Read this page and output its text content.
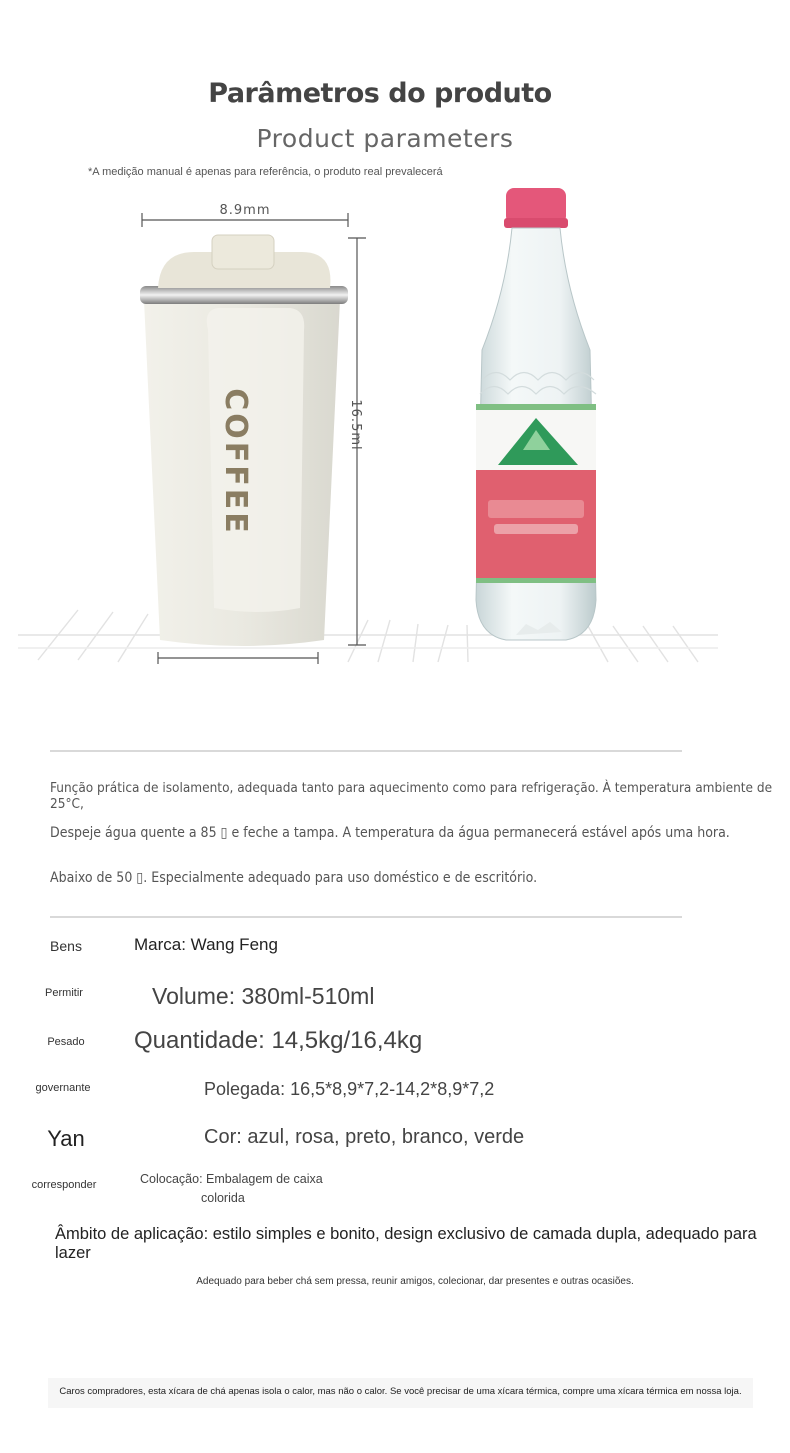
Parâmetros do produto
Product parameters
*A medição manual é apenas para referência, o produto real prevalecerá
8.9mm
16.5ml
COFFEE
Função prática de isolamento, adequada tanto para aquecimento como para refrigeração. À temperatura ambiente de 25°C,
Despeje água quente a 85 ▯ e feche a tampa. A temperatura da água permanecerá estável após uma hora.
Abaixo de 50 ▯. Especialmente adequado para uso doméstico e de escritório.
Bens	Marca: Wang Feng
Permitir	Volume: 380ml-510ml
Pesado	Quantidade: 14,5kg/16,4kg
governante	Polegada: 16,5*8,9*7,2-14,2*8,9*7,2
Yan	Cor: azul, rosa, preto, branco, verde
corresponder	Colocação: Embalagem de caixa
colorida
Âmbito de aplicação: estilo simples e bonito, design exclusivo de camada dupla, adequado para lazer
Adequado para beber chá sem pressa, reunir amigos, colecionar, dar presentes e outras ocasiões.
Caros compradores, esta xícara de chá apenas isola o calor, mas não o calor. Se você precisar de uma xícara térmica, compre uma xícara térmica em nossa loja.
